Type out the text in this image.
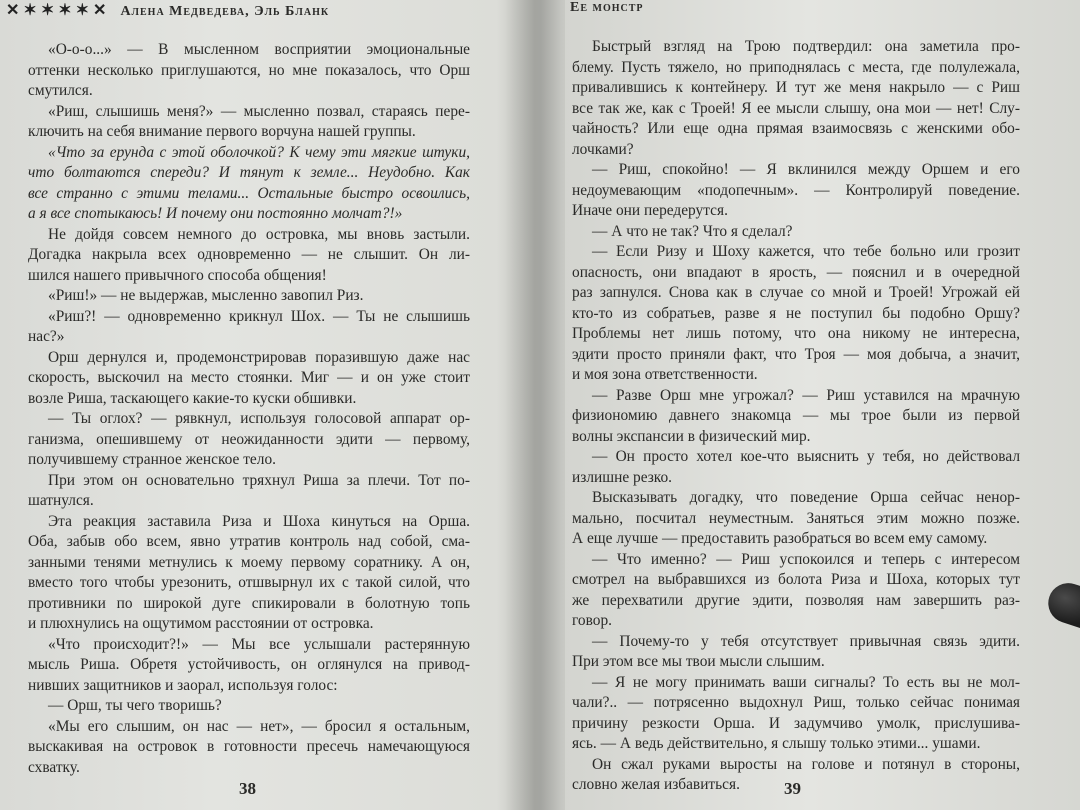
✕✶✶✶✶✕ Алена Медведева, Эль Бланк
«О-о-о...» — В мысленном восприятии эмоциональные
оттенки несколько приглушаются, но мне показалось, что Орш
смутился.
«Риш, слышишь меня?» — мысленно позвал, стараясь пере-
ключить на себя внимание первого ворчуна нашей группы.
«Что за ерунда с этой оболочкой? К чему эти мягкие штуки,
что болтаются спереди? И тянут к земле... Неудобно. Как
все странно с этими телами... Остальные быстро освоились,
а я все спотыкаюсь! И почему они постоянно молчат?!»
Не дойдя совсем немного до островка, мы вновь застыли.
Догадка накрыла всех одновременно — не слышит. Он ли-
шился нашего привычного способа общения!
«Риш!» — не выдержав, мысленно завопил Риз.
«Риш?! — одновременно крикнул Шох. — Ты не слышишь
нас?»
Орш дернулся и, продемонстрировав поразившую даже нас
скорость, выскочил на место стоянки. Миг — и он уже стоит
возле Риша, таскающего какие-то куски обшивки.
— Ты оглох? — рявкнул, используя голосовой аппарат ор-
ганизма, опешившему от неожиданности эдити — первому,
получившему странное женское тело.
При этом он основательно тряхнул Риша за плечи. Тот по-
шатнулся.
Эта реакция заставила Риза и Шоха кинуться на Орша.
Оба, забыв обо всем, явно утратив контроль над собой, сма-
занными тенями метнулись к моему первому соратнику. А он,
вместо того чтобы урезонить, отшвырнул их с такой силой, что
противники по широкой дуге спикировали в болотную топь
и плюхнулись на ощутимом расстоянии от островка.
«Что происходит?!» — Мы все услышали растерянную
мысль Риша. Обретя устойчивость, он оглянулся на привод-
нивших защитников и заорал, используя голос:
— Орш, ты чего творишь?
«Мы его слышим, он нас — нет», — бросил я остальным,
выскакивая на островок в готовности пресечь намечающуюся
схватку.
38
Ее монстр
Быстрый взгляд на Трою подтвердил: она заметила про-
блему. Пусть тяжело, но приподнялась с места, где полулежала,
привалившись к контейнеру. И тут же меня накрыло — с Риш
все так же, как с Троей! Я ее мысли слышу, она мои — нет! Слу-
чайность? Или еще одна прямая взаимосвязь с женскими обо-
лочками?
— Риш, спокойно! — Я вклинился между Оршем и его
недоумевающим «подопечным». — Контролируй поведение.
Иначе они передерутся.
— А что не так? Что я сделал?
— Если Ризу и Шоху кажется, что тебе больно или грозит
опасность, они впадают в ярость, — пояснил и в очередной
раз запнулся. Снова как в случае со мной и Троей! Угрожай ей
кто-то из собратьев, разве я не поступил бы подобно Оршу?
Проблемы нет лишь потому, что она никому не интересна,
эдити просто приняли факт, что Троя — моя добыча, а значит,
и моя зона ответственности.
— Разве Орш мне угрожал? — Риш уставился на мрачную
физиономию давнего знакомца — мы трое были из первой
волны экспансии в физический мир.
— Он просто хотел кое-что выяснить у тебя, но действовал
излишне резко.
Высказывать догадку, что поведение Орша сейчас ненор-
мально, посчитал неуместным. Заняться этим можно позже.
А еще лучше — предоставить разобраться во всем ему самому.
— Что именно? — Риш успокоился и теперь с интересом
смотрел на выбравшихся из болота Риза и Шоха, которых тут
же перехватили другие эдити, позволяя нам завершить раз-
говор.
— Почему-то у тебя отсутствует привычная связь эдити.
При этом все мы твои мысли слышим.
— Я не могу принимать ваши сигналы? То есть вы не мол-
чали?.. — потрясенно выдохнул Риш, только сейчас понимая
причину резкости Орша. И задумчиво умолк, прислушива-
ясь. — А ведь действительно, я слышу только этими... ушами.
Он сжал руками выросты на голове и потянул в стороны,
словно желая избавиться.	39
